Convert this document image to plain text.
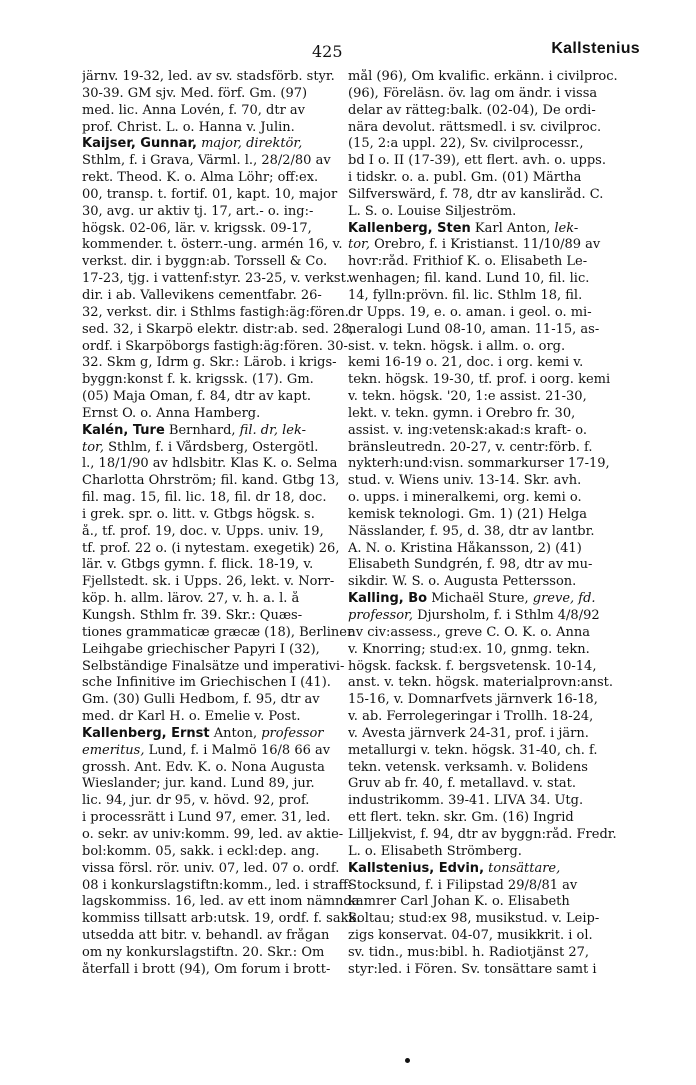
425	Kallstenius
järnv. 19-32, led. av sv. stadsförb. styr.
30-39. GM sjv. Med. förf. Gm. (97)
med. lic. Anna Lovén, f. 70, dtr av
prof. Christ. L. o. Hanna v. Julin.
Kaijser, Gunnar, major, direktör,
Sthlm, f. i Grava, Värml. l., 28/2/80 av
rekt. Theod. K. o. Alma Löhr; off:ex.
00, transp. t. fortif. 01, kapt. 10, major
30, avg. ur aktiv tj. 17, art.- o. ing:-
högsk. 02-06, lär. v. krigssk. 09-17,
kommender. t. österr.-ung. armén 16, v.
verkst. dir. i byggn:ab. Torssell & Co.
17-23, tjg. i vattenf:styr. 23-25, v. verkst.
dir. i ab. Vallevikens cementfabr. 26-
32, verkst. dir. i Sthlms fastigh:äg:fören.
sed. 32, i Skarpö elektr. distr:ab. sed. 28,
ordf. i Skarpöborgs fastigh:äg:fören. 30-
32. Skm g, Idrm g. Skr.: Lärob. i krigs-
byggn:konst f. k. krigssk. (17). Gm.
(05) Maja Öman, f. 84, dtr av kapt.
Ernst Ö. o. Anna Hamberg.
Kalén, Ture Bernhard, fil. dr, lek-
tor, Sthlm, f. i Vårdsberg, Östergötl.
l., 18/1/90 av hdlsbitr. Klas K. o. Selma
Charlotta Öhrström; fil. kand. Gtbg 13,
fil. mag. 15, fil. lic. 18, fil. dr 18, doc.
i grek. spr. o. litt. v. Gtbgs högsk. s.
å., tf. prof. 19, doc. v. Upps. univ. 19,
tf. prof. 22 o. (i nytestam. exegetik) 26,
lär. v. Gtbgs gymn. f. flick. 18-19, v.
Fjellstedt. sk. i Upps. 26, lekt. v. Norr-
köp. h. allm. lärov. 27, v. h. a. l. å
Kungsh. Sthlm fr. 39. Skr.: Quæs-
tiones grammaticæ græcæ (18), Berliner
Leihgabe griechischer Papyri I (32),
Selbständige Finalsätze und imperativi-
sche Infinitive im Griechischen I (41).
Gm. (30) Gulli Hedbom, f. 95, dtr av
med. dr Karl H. o. Emelie v. Post.
Kallenberg, Ernst Anton, professor
emeritus, Lund, f. i Malmö 16/8 66 av
grossh. Ant. Edv. K. o. Nona Augusta
Wieslander; jur. kand. Lund 89, jur.
lic. 94, jur. dr 95, v. hövd. 92, prof.
i processrätt i Lund 97, emer. 31, led.
o. sekr. av univ:komm. 99, led. av aktie-
bol:komm. 05, sakk. i eckl:dep. ang.
vissa försl. rör. univ. 07, led. 07 o. ordf.
08 i konkurslagstiftn:komm., led. i straff-
lagskommiss. 16, led. av ett inom nämnda
kommiss tillsatt arb:utsk. 19, ordf. f. sakk.
utsedda att bitr. v. behandl. av frågan
om ny konkurslagstiftn. 20. Skr.: Om
återfall i brott (94), Om forum i brott-
mål (96), Om kvalific. erkänn. i civilproc.
(96), Föreläsn. öv. lag om ändr. i vissa
delar av rätteg:balk. (02-04), De ordi-
nära devolut. rättsmedl. i sv. civilproc.
(15, 2:a uppl. 22), Sv. civilprocessr.,
bd I o. II (17-39), ett flert. avh. o. upps.
i tidskr. o. a. publ. Gm. (01) Märtha
Silfverswärd, f. 78, dtr av kanslіråd. C.
L. S. o. Louise Siljeström.
Kallenberg, Sten Karl Anton, lek-
tor, Örebro, f. i Kristianst. 11/10/89 av
hovr:råd. Frithiof K. o. Elisabeth Le-
wenhagen; fil. kand. Lund 10, fil. lic.
14, fylln:prövn. fil. lic. Sthlm 18, fil.
dr Upps. 19, e. o. aman. i geol. o. mi-
neralogi Lund 08-10, aman. 11-15, as-
sist. v. tekn. högsk. i allm. o. org.
kemi 16-19 o. 21, doc. i org. kemi v.
tekn. högsk. 19-30, tf. prof. i oorg. kemi
v. tekn. högsk. '20, 1:e assist. 21-30,
lekt. v. tekn. gymn. i Örebro fr. 30,
assist. v. ing:vetensk:akad:s kraft- o.
bränsleutredn. 20-27, v. centr:förb. f.
nykterh:und:visn. sommarkurser 17-19,
stud. v. Wiens univ. 13-14. Skr. avh.
o. upps. i mineralkemi, org. kemi o.
kemisk teknologi. Gm. 1) (21) Helga
Nässlander, f. 95, d. 38, dtr av lantbr.
A. N. o. Kristina Håkansson, 2) (41)
Elisabeth Sundgrén, f. 98, dtr av mu-
sikdir. W. S. o. Augusta Pettersson.
Kalling, Bo Michaël Sture, greve, fd.
professor, Djursholm, f. i Sthlm 4/8/92
av civ:assess., greve C. O. K. o. Anna
v. Knorring; stud:ex. 10, gnmg. tekn.
högsk. facksk. f. bergsvetensk. 10-14,
anst. v. tekn. högsk. materialprovn:anst.
15-16, v. Domnarfvets järnverk 16-18,
v. ab. Ferrolegeringar i Trollh. 18-24,
v. Avesta järnverk 24-31, prof. i järn.
metallurgi v. tekn. högsk. 31-40, ch. f.
tekn. vetensk. verksamh. v. Bolidens
Gruv ab fr. 40, f. metallavd. v. stat.
industrikomm. 39-41. LIVA 34. Utg.
ett flert. tekn. skr. Gm. (16) Ingrid
Lilljekvist, f. 94, dtr av byggn:råd. Fredr.
L. o. Elisabeth Strömberg.
Kallstenius, Edvin, tonsättare,
Stocksund, f. i Filipstad 29/8/81 av
kamrer Carl Johan K. o. Elisabeth
Soltau; stud:ex 98, musikstud. v. Leip-
zigs konservat. 04-07, musikkrit. i ol.
sv. tidn., mus:bibl. h. Radiotjänst 27,
styr:led. i Fören. Sv. tonsättare samt i
